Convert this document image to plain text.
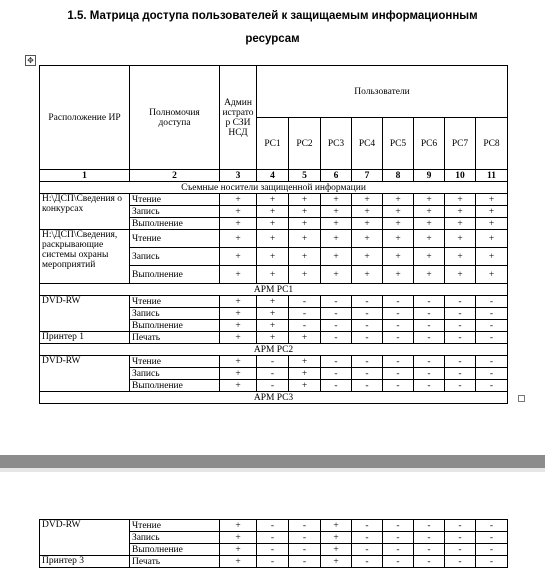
1.5. Матрица доступа пользователей к защищаемым информационным
ресурсам
✥
Расположение ИР	Полномочия доступа	Администратор СЗИ НСД	Пользователи							
			PC1	PC2	PC3	PC4	PC5	PC6	PC7	PC8
1	2	3	4	5	6	7	8	9	10	11
Съемные носители защищенной информации										
H:\ДСП\Сведения о конкурсах	Чтение	+	+	+	+	+	+	+	+	+
	Запись	+	+	+	+	+	+	+	+	+
	Выполнение	+	+	+	+	+	+	+	+	+
H:\ДСП\Сведения, раскрывающие системы охраны мероприятий	Чтение	+	+	+	+	+	+	+	+	+
	Запись	+	+	+	+	+	+	+	+	+
	Выполнение	+	+	+	+	+	+	+	+	+
АРМ PC1										
DVD-RW	Чтение	+	+	-	-	-	-	-	-	-
	Запись	+	+	-	-	-	-	-	-	-
	Выполнение	+	+	-	-	-	-	-	-	-
Принтер 1	Печать	+	+	+	-	-	-	-	-	-
АРМ PC2										
DVD-RW	Чтение	+	-	+	-	-	-	-	-	-
	Запись	+	-	+	-	-	-	-	-	-
	Выполнение	+	-	+	-	-	-	-	-	-
АРМ PC3										
DVD-RW	Чтение	+	-	-	+	-	-	-	-	-
	Запись	+	-	-	+	-	-	-	-	-
	Выполнение	+	-	-	+	-	-	-	-	-
Принтер 3	Печать	+	-	-	+	-	-	-	-	-
